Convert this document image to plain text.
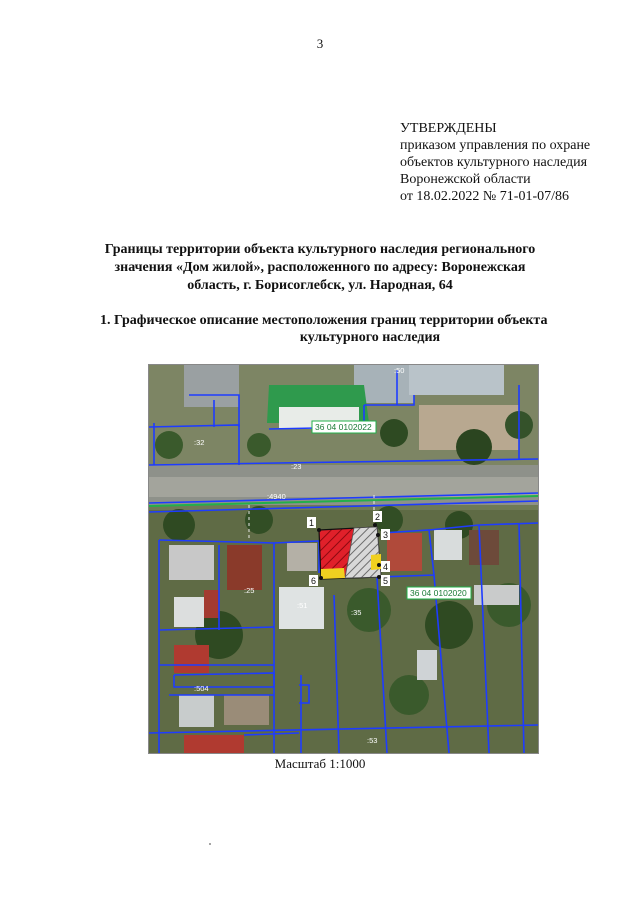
3
УТВЕРЖДЕНЫ
приказом управления по охране
объектов культурного наследия
Воронежской области
от 18.02.2022 № 71-01-07/86
Границы территории объекта культурного наследия регионального
значения «Дом жилой», расположенного по адресу: Воронежская
область, г. Борисоглебск, ул. Народная, 64
1. Графическое описание местоположения границ территории объекта
культурного наследия
1
2
3
4
5
6
36 04 0102022
36 04 0102020
:50
:4940
:51
:504
:53
:25
:32
:35
:23
Масштаб 1:1000
